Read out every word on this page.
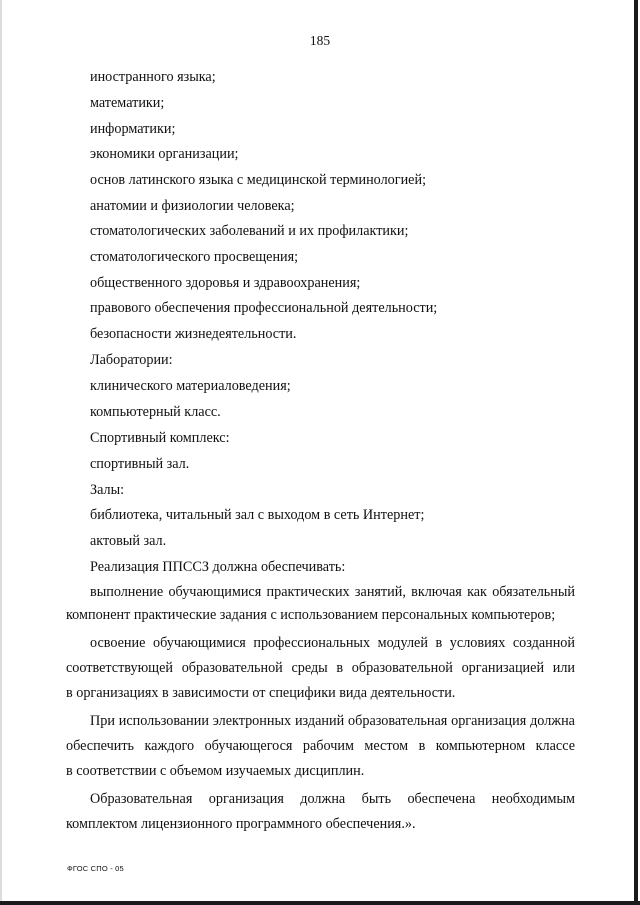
185
иностранного языка;
математики;
информатики;
экономики организации;
основ латинского языка с медицинской терминологией;
анатомии и физиологии человека;
стоматологических заболеваний и их профилактики;
стоматологического просвещения;
общественного здоровья и здравоохранения;
правового обеспечения профессиональной деятельности;
безопасности жизнедеятельности.
Лаборатории:
клинического материаловедения;
компьютерный класс.
Спортивный комплекс:
спортивный зал.
Залы:
библиотека, читальный зал с выходом в сеть Интернет;
актовый зал.
Реализация ППССЗ должна обеспечивать:
выполнение обучающимися практических занятий, включая как обязательный
компонент практические задания с использованием персональных компьютеров;
освоение обучающимися профессиональных модулей в условиях созданной
соответствующей образовательной среды в образовательной организацией или
в организациях в зависимости от специфики вида деятельности.
При использовании электронных изданий образовательная организация должна
обеспечить каждого обучающегося рабочим местом в компьютерном классе
в соответствии с объемом изучаемых дисциплин.
Образовательная организация должна быть обеспечена необходимым
комплектом лицензионного программного обеспечения.».
ФГОС СПО - 05
